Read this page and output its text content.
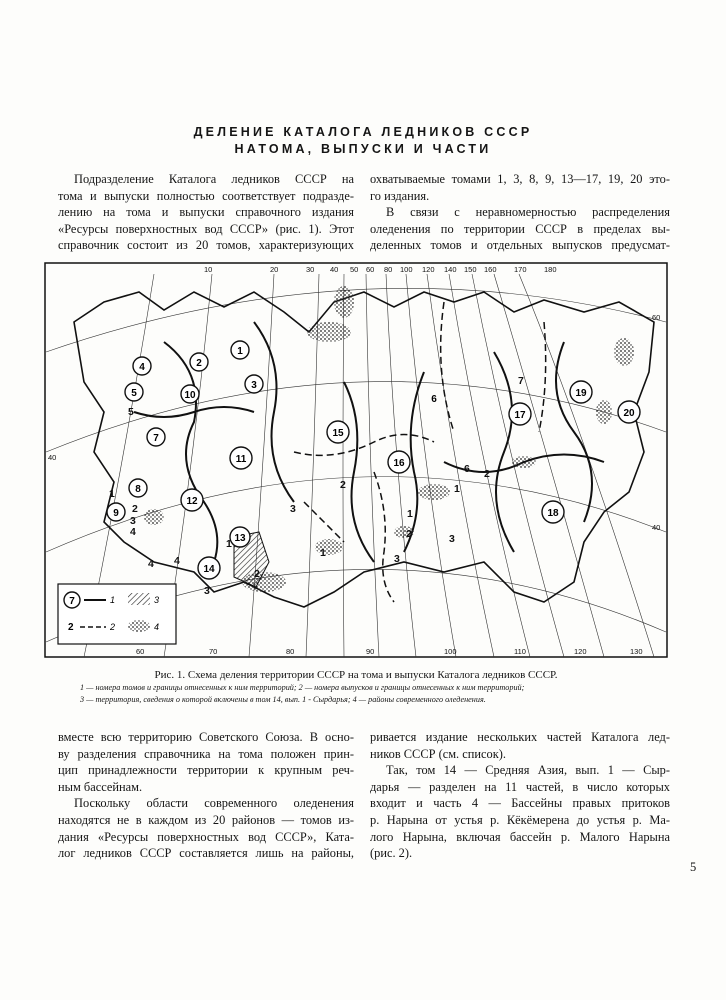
ДЕЛЕНИЕ КАТАЛОГА ЛЕДНИКОВ СССР
НАТОМА, ВЫПУСКИ И ЧАСТИ
Подразделение Каталога ледников СССР на
тома и выпуски полностью соответствует подразде-
лению на тома и выпуски справочного издания
«Ресурсы поверхностных вод СССР» (рис. 1). Этот
справочник состоит из 20 томов, характеризующих
охватываемые томами 1, 3, 8, 9, 13—17, 19, 20 это-
го издания.
В связи с неравномерностью распределения
оледенения по территории СССР в пределах вы-
деленных томов и отдельных выпусков предусмат-
10	20	30 40 50 60 80 100 120 140 150 160 170 180
60	70	80	90	100	110	120	130
40
60
40
1
2
3
4
5
6
7
8
9
10
11
12
13
14
15
16
17
18
19
20
1
2
3
4
5
6
7
1
2
3
4
1
2
3
4
1
2
3
1
2
3
7	1	3
2	2	4

Рис. 1. Схема деления территории СССР на тома и выпуски Каталога ледников СССР.

1 — номера томов и границы отнесенных к ним территорий; 2 — номера выпусков и границы отнесенных к ним территорий;

3 — территория, сведения о которой включены в том 14, вып. 1 - Сырдарья; 4 — районы современного оледенения.

вместе всю территорию Советского Союза. В осно-
ву разделения справочника на тома положен прин-
цип принадлежности территории к крупным реч-
ным бассейнам.
Поскольку области современного оледенения
находятся не в каждом из 20 районов — томов из-
дания «Ресурсы поверхностных вод СССР», Ката-
лог ледников СССР составляется лишь на районы,
ривается издание нескольких частей Каталога лед-
ников СССР (см. список).
Так, том 14 — Средняя Азия, вып. 1 — Сыр-
дарья — разделен на 11 частей, в число которых
входит и часть 4 — Бассейны правых притоков
р. Нарына от устья р. Кёкёмерена до устья р. Ма-
лого Нарына, включая бассейн р. Малого Нарына
(рис. 2).
5
